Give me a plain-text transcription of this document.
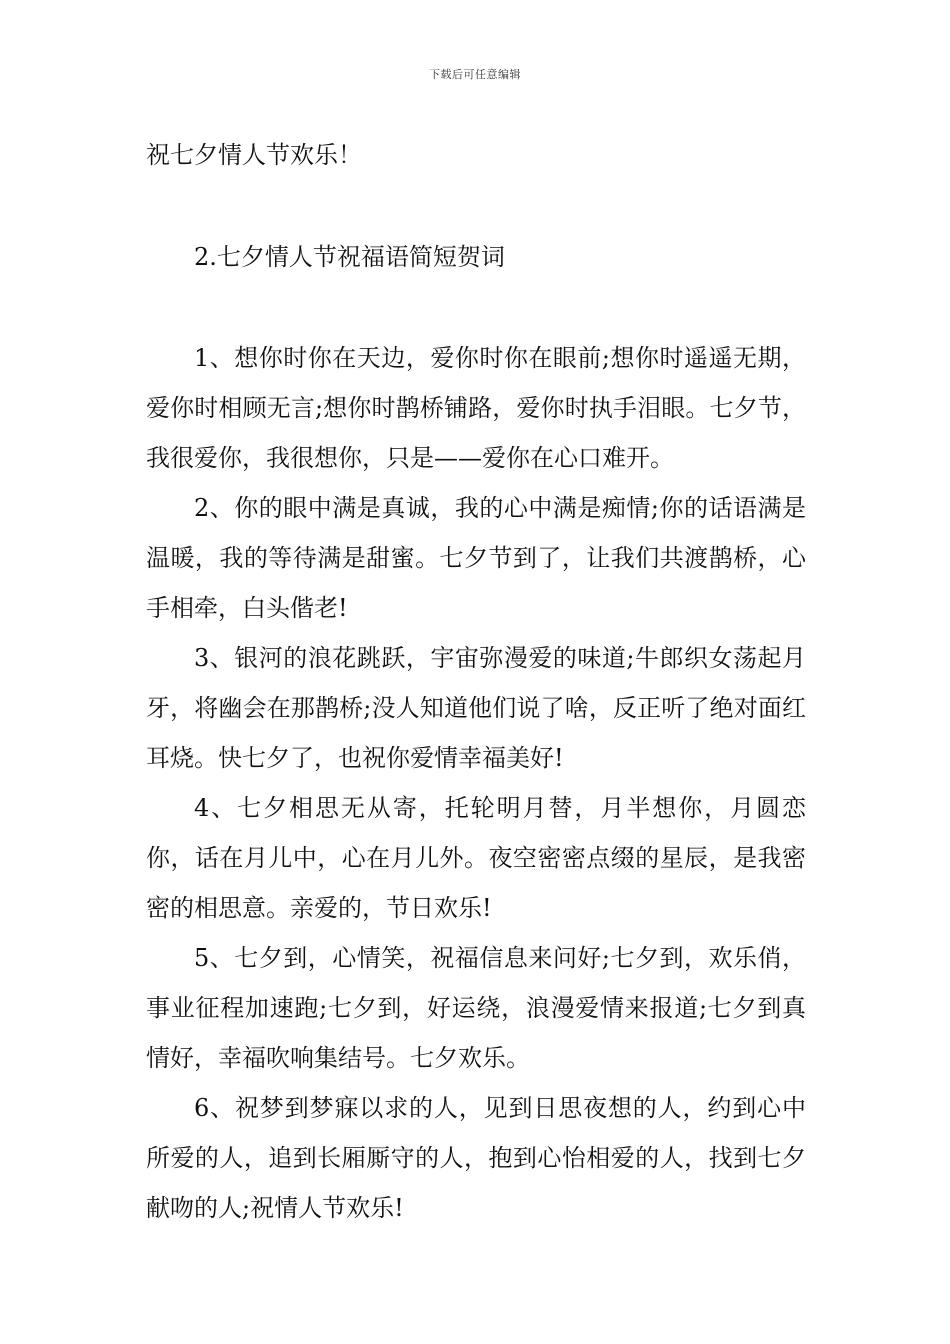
下载后可任意编辑

祝七夕情人节欢乐！

2.七夕情人节祝福语简短贺词

1、想你时你在天边，爱你时你在眼前;想你时遥遥无期，爱你时相顾无言;想你时鹊桥铺路，爱你时执手泪眼。七夕节，我很爱你，我很想你，只是——爱你在心口难开。

2、你的眼中满是真诚，我的心中满是痴情;你的话语满是温暖，我的等待满是甜蜜。七夕节到了，让我们共渡鹊桥，心手相牵，白头偕老!

3、银河的浪花跳跃，宇宙弥漫爱的味道;牛郎织女荡起月牙，将幽会在那鹊桥;没人知道他们说了啥，反正听了绝对面红耳烧。快七夕了，也祝你爱情幸福美好!

4、七夕相思无从寄，托轮明月替，月半想你，月圆恋你，话在月儿中，心在月儿外。夜空密密点缀的星辰，是我密密的相思意。亲爱的，节日欢乐!

5、七夕到，心情笑，祝福信息来问好;七夕到，欢乐俏，事业征程加速跑;七夕到，好运绕，浪漫爱情来报道;七夕到真情好，幸福吹响集结号。七夕欢乐。

6、祝梦到梦寐以求的人，见到日思夜想的人，约到心中所爱的人，追到长厢厮守的人，抱到心怡相爱的人，找到七夕献吻的人;祝情人节欢乐!
